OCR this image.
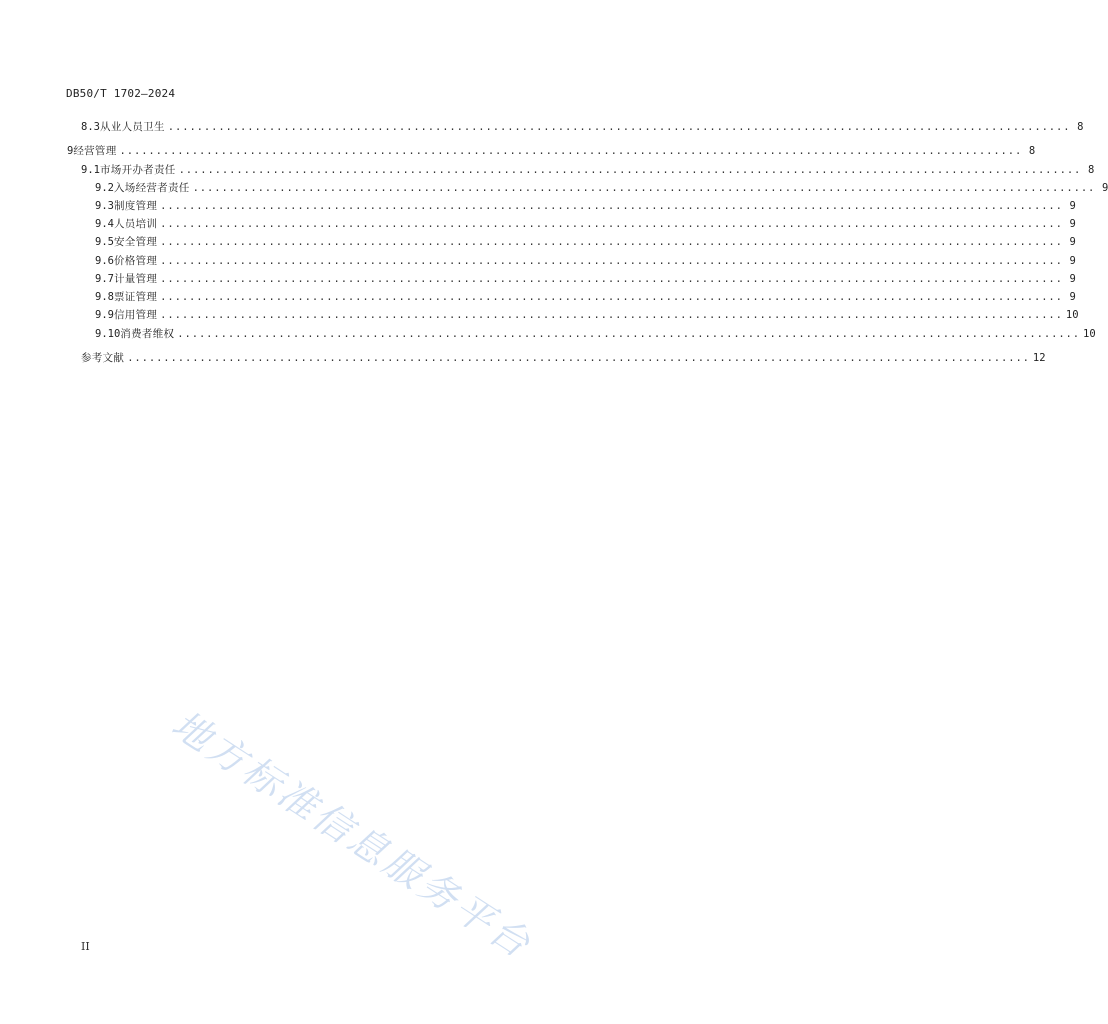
DB50/T 1702—2024
8.3 从业人员卫生 ............................................................................................................................. 8
9 经营管理 ............................................................................................................................. 8
9.1 市场开办者责任 ............................................................................................................................. 8
9.2 入场经营者责任 ............................................................................................................................. 9
9.3 制度管理 ............................................................................................................................. 9
9.4 人员培训 ............................................................................................................................. 9
9.5 安全管理 ............................................................................................................................. 9
9.6 价格管理 ............................................................................................................................. 9
9.7 计量管理 ............................................................................................................................. 9
9.8 票证管理 ............................................................................................................................. 9
9.9 信用管理 ............................................................................................................................. 10
9.10 消费者维权 ............................................................................................................................. 10
参考文献 ............................................................................................................................. 12
地方标准信息服务平台
II
